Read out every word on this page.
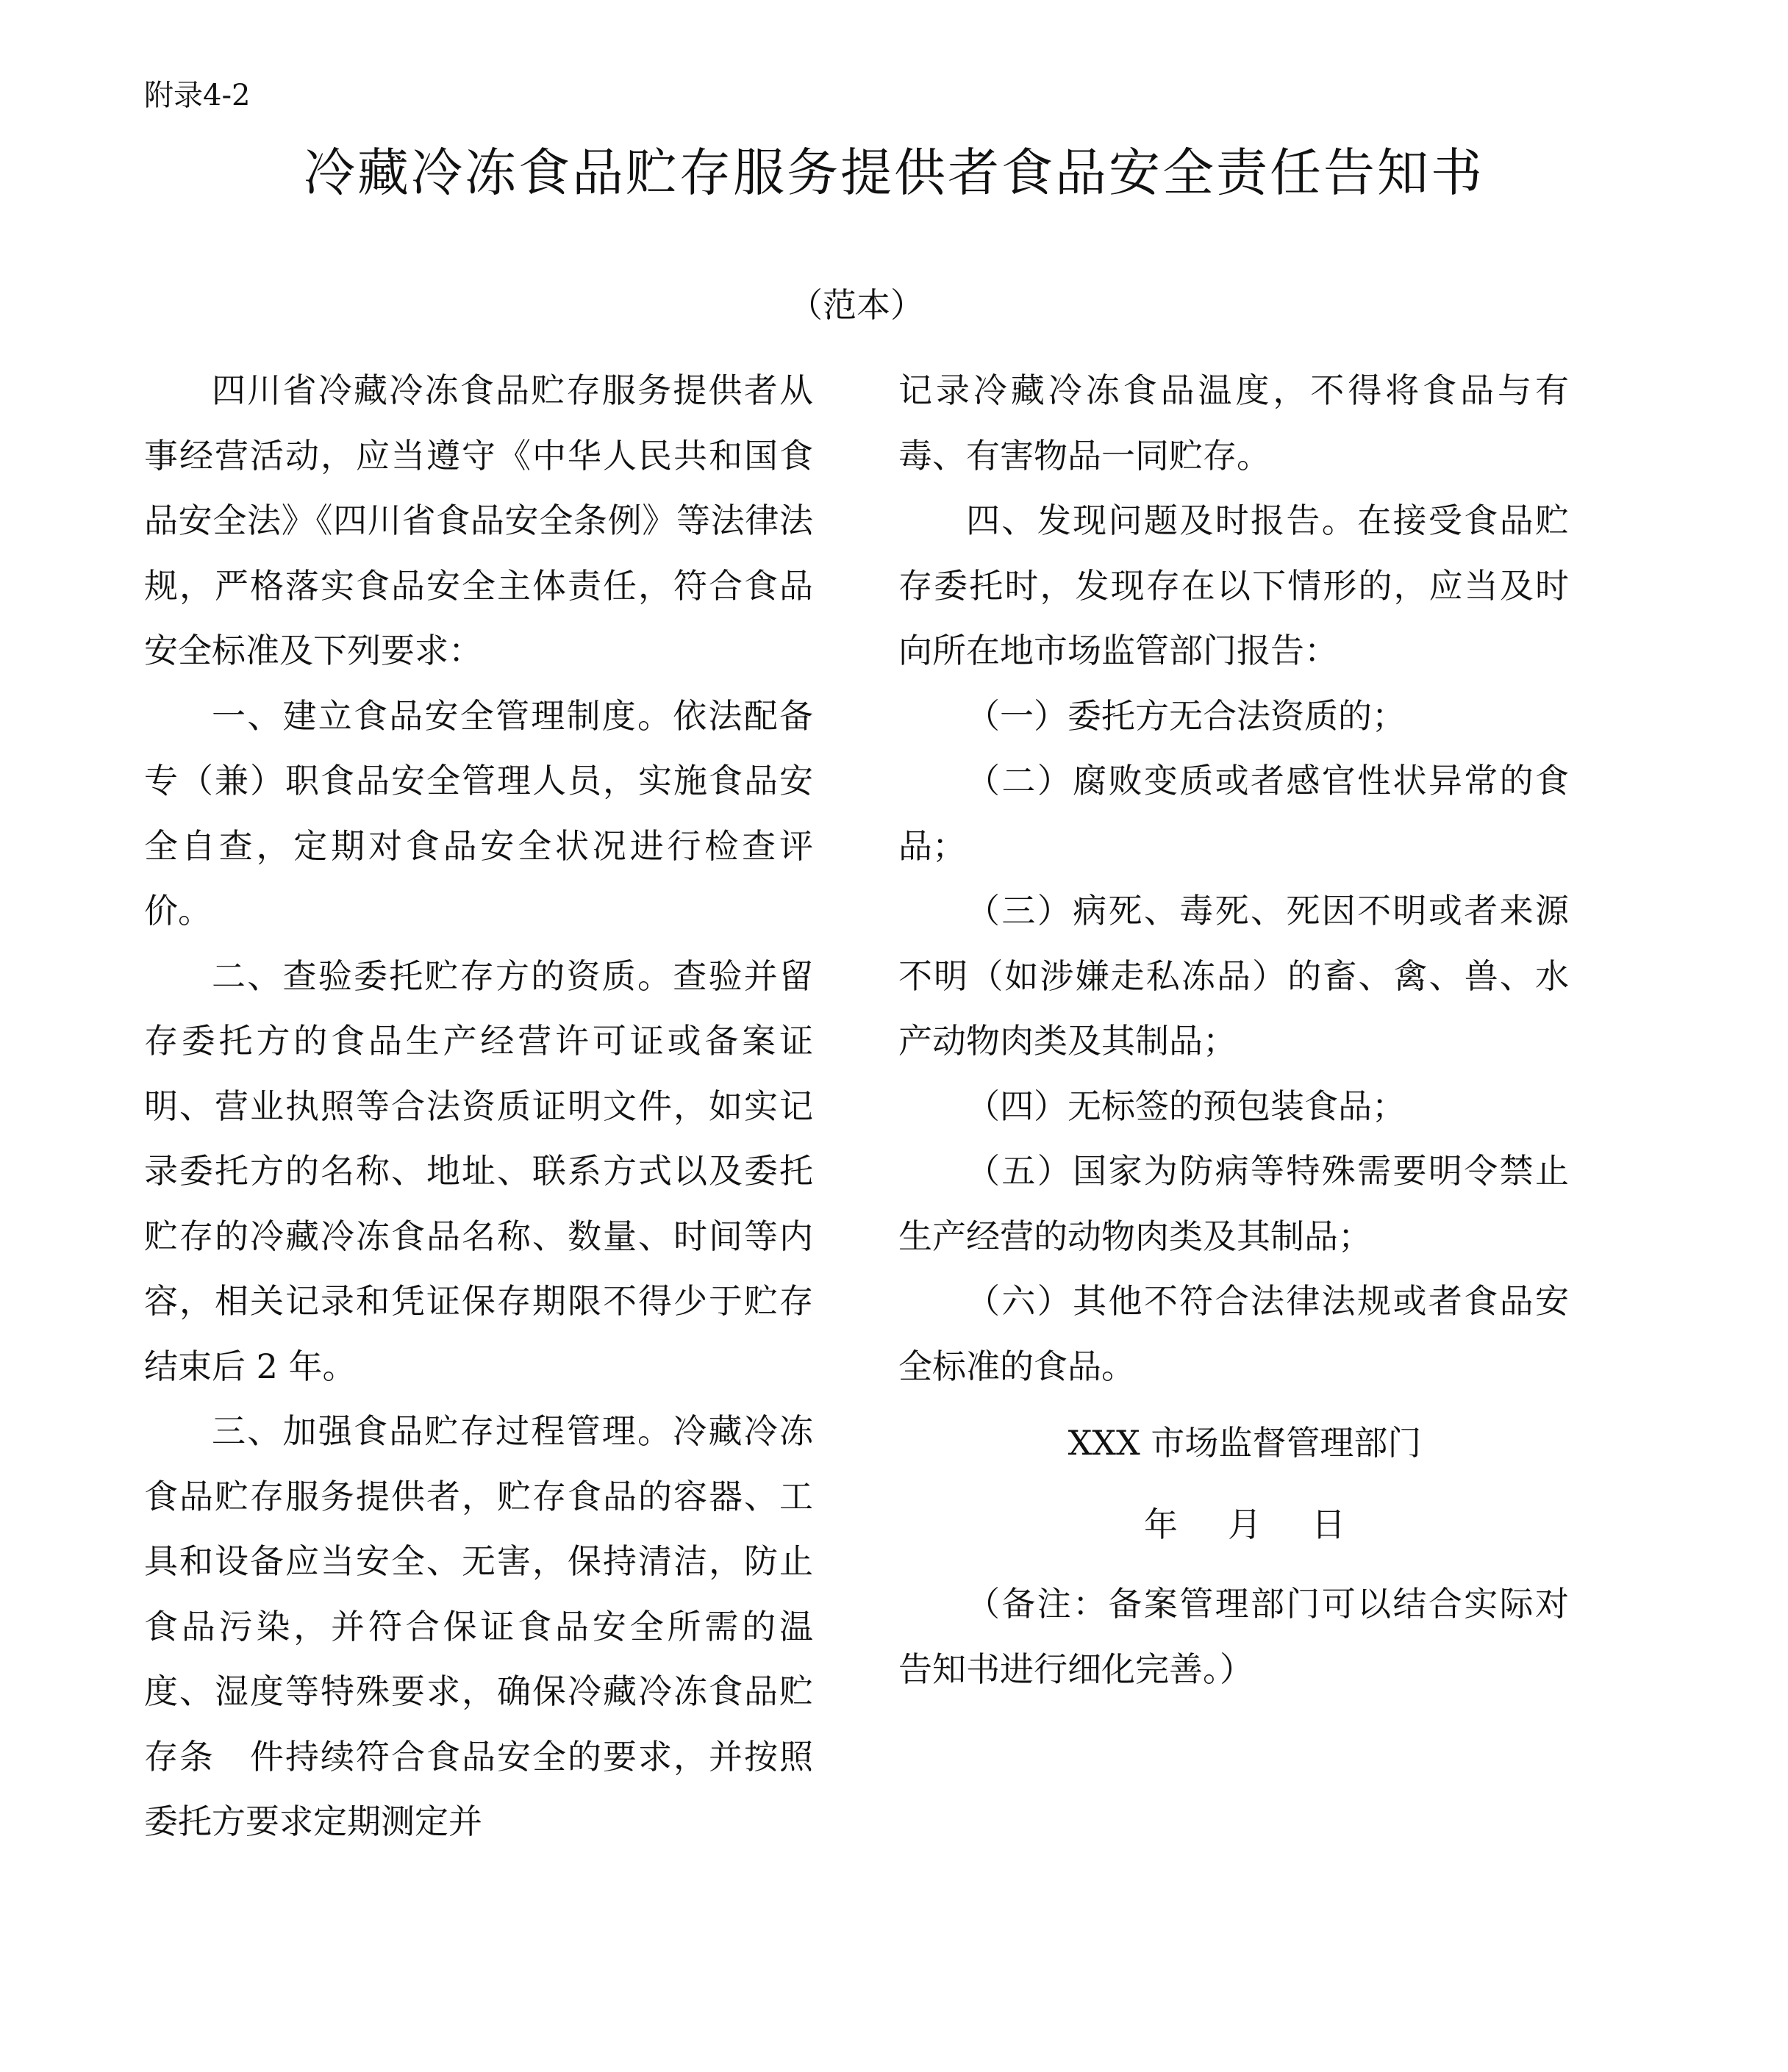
附录4-2
冷藏冷冻食品贮存服务提供者食品安全责任告知书
（范本）

四川省冷藏冷冻食品贮存服务提供者从事经营活动，应当遵守《中华人民共和国食品安全法》《四川省食品安全条例》等法律法规，严格落实食品安全主体责任，符合食品安全标准及下列要求：

一、建立食品安全管理制度。依法配备专（兼）职食品安全管理人员，实施食品安全自查，定期对食品安全状况进行检查评价。

二、查验委托贮存方的资质。查验并留存委托方的食品生产经营许可证或备案证明、营业执照等合法资质证明文件，如实记录委托方的名称、地址、联系方式以及委托贮存的冷藏冷冻食品名称、数量、时间等内容，相关记录和凭证保存期限不得少于贮存结束后 2 年。

三、加强食品贮存过程管理。冷藏冷冻食品贮存服务提供者，贮存食品的容器、工具和设备应当安全、无害，保持清洁，防止食品污染，并符合保证食品安全所需的温度、湿度等特殊要求，确保冷藏冷冻食品贮存条　件持续符合食品安全的要求，并按照委托方要求定期测定并

记录冷藏冷冻食品温度，不得将食品与有毒、有害物品一同贮存。

四、发现问题及时报告。在接受食品贮存委托时，发现存在以下情形的，应当及时向所在地市场监管部门报告：

（一）委托方无合法资质的；

（二）腐败变质或者感官性状异常的食品；

（三）病死、毒死、死因不明或者来源不明（如涉嫌走私冻品）的畜、禽、兽、水产动物肉类及其制品；

（四）无标签的预包装食品；

（五）国家为防病等特殊需要明令禁止生产经营的动物肉类及其制品；

（六）其他不符合法律法规或者食品安全标准的食品。

XXX 市场监督管理部门

年 月 日

（备注：备案管理部门可以结合实际对告知书进行细化完善。）
